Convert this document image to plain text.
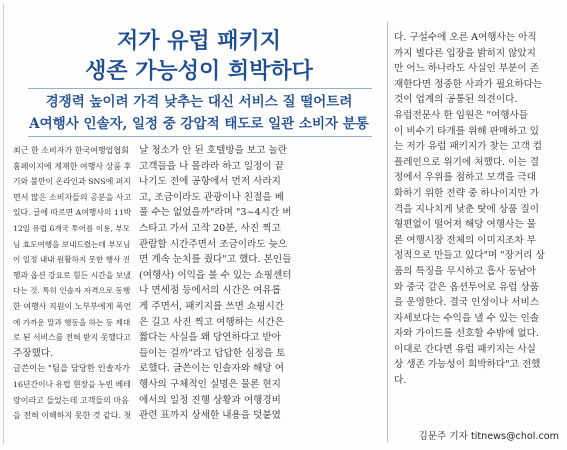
저가 유럽 패키지
생존 가능성이 희박하다
경쟁력 높이려 가격 낮추는 대신 서비스 질 떨어트려
A여행사 인솔자, 일정 중 강압적 태도로 일관 소비자 분통

최근 한 소비자가 한국여행업협회

홈페이지에 게재한 여행사 상품 후

기와 불만이 온라인과 SNS에 퍼지

면서 많은 소비자들의 공분을 사고

있다. 글에 따르면 A여행사의 11박

12일 유럽 6개국 투어를 이용, 부모

님 효도여행을 보내드렸는데 부모님

이 일정 내내 원활하지 못한 행사 진

행과 옵션 강요로 힘든 시간을 보냈

다는 것. 특히 인솔자 자격으로 동행

한 여행사 직원이 노부부에게 폭언

에 가까운 말과 행동을 하는 등 제대

로 된 서비스를 전혀 받지 못했다고

주장했다.

글쓴이는 "팀을 담당한 인솔자가

16년간이나 유럽 현장을 누빈 베테

랑이라고 들었는데 고객들의 마음

을 전혀 이해하지 못한 것 같다. 첫

날 청소가 안 된 호텔방을 보고 놀란

고객들을 나 몰라라 하고 일정이 끝

나기도 전에 공항에서 먼저 사라지

고, 조금이라도 관광이나 친절을 베

풀 수는 없었을까"라며 "3~4시간 버

스타고 가서 고작 20분, 사진 찍고

관람할 시간주면서 조금이라도 늦으

면 계속 눈치를 줬다"고 했다. 본인들

(여행사) 이익을 볼 수 있는 쇼핑센터

나 면세점 등에서의 시간은 여유롭

게 주면서, 패키지를 쓰면 쇼핑시간

은 길고 사진 찍고 여행하는 시간은

짧다는 사실을 왜 당연하다고 받아

들이는 걸까"라고 답답한 심정을 토

로했다. 글쓴이는 인솔자와 해당 여

행사의 구체적인 실명은 물론 현지

에서의 일정 진행 상황과 여행경비

관련 표까지 상세한 내용을 덧붙였

다. 구설수에 오른 A여행사는 아직

까지 별다른 입장을 밝히지 않았지

만 어느 하나라도 사실인 부분이 존

재한다면 정중한 사과가 필요하다는

것이 업계의 공통된 의견이다.

유럽전문사 한 임원은 "여행사들

이 비수기 타개를 위해 판매하고 있

는 저가 유럽 패키지가 찾는 고객 컴

플레인으로 위기에 처했다. 이는 결

정에서 우위를 점하고 모객을 극대

화하기 위한 전략 중 하나이지만 가

격을 지나치게 낮춘 탓에 상품 질이

형편없이 떨어져 해당 여행사는 물

론 여행시장 전체의 이미지조차 부

정적으로 만들고 있다"며 "장거리 상

품의 특징을 무시하고 흡사 동남아

와 중국 같은 옵션투어로 유럽 상품

을 운영한다. 결국 인성이나 서비스

자세보다는 수익을 낼 수 있는 인솔

자와 가이드를 선호할 수밖에 없다.

이대로 간다면 유럽 패키지는 사실

상 생존 가능성이 희박하다"고 전했

다.

김문주 기자 titnews@chol.com
